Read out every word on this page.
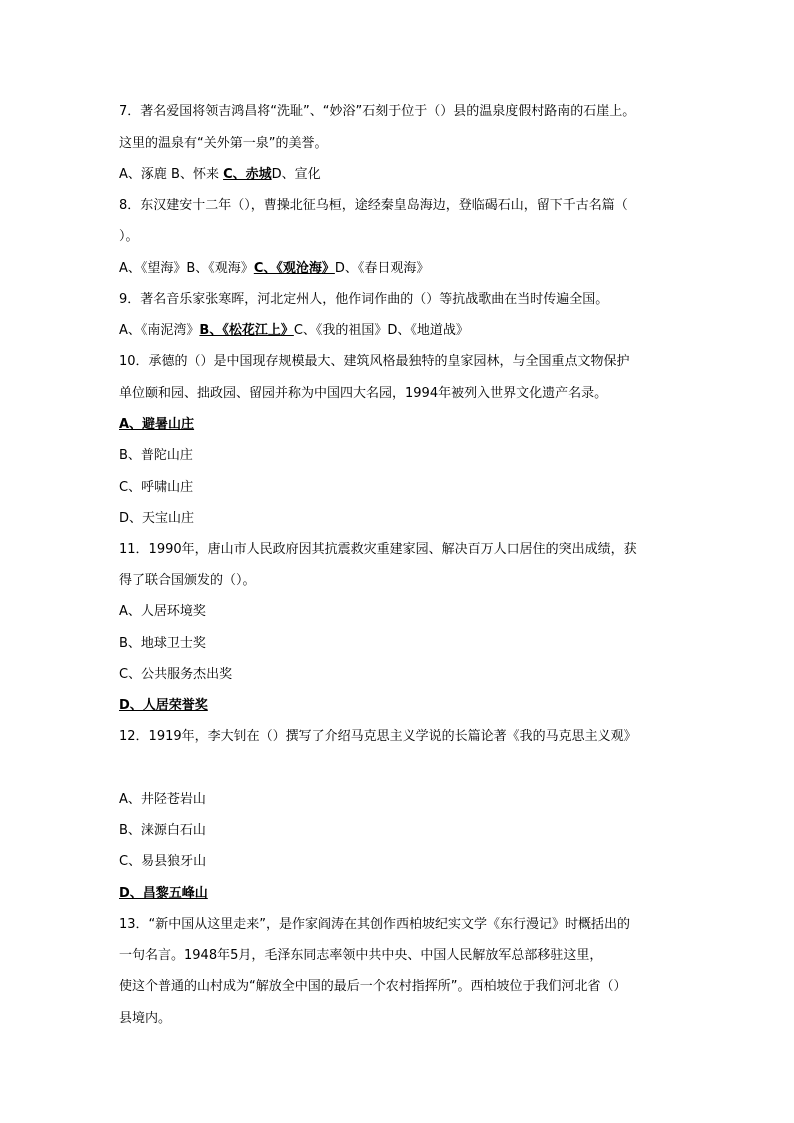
7．著名爱国将领吉鸿昌将“洗耻”、“妙浴”石刻于位于（）县的温泉度假村路南的石崖上。
这里的温泉有“关外第一泉”的美誉。
A、涿鹿 B、怀来 C、赤城D、宣化
8．东汉建安十二年（），曹操北征乌桓，途经秦皇岛海边，登临碣石山，留下千古名篇（
）。
A、《望海》B、《观海》C、《观沧海》D、《春日观海》
9．著名音乐家张寒晖，河北定州人，他作词作曲的（）等抗战歌曲在当时传遍全国。
A、《南泥湾》B、《松花江上》C、《我的祖国》D、《地道战》
10．承德的（）是中国现存规模最大、建筑风格最独特的皇家园林，与全国重点文物保护
单位颐和园、拙政园、留园并称为中国四大名园，1994年被列入世界文化遗产名录。
A、避暑山庄
B、普陀山庄
C、呼啸山庄
D、天宝山庄
11．1990年，唐山市人民政府因其抗震救灾重建家园、解决百万人口居住的突出成绩，获
得了联合国颁发的（）。
A、人居环境奖
B、地球卫士奖
C、公共服务杰出奖
D、人居荣誉奖
12．1919年，李大钊在（）撰写了介绍马克思主义学说的长篇论著《我的马克思主义观》
A、井陉苍岩山
B、涞源白石山
C、易县狼牙山
D、昌黎五峰山
13．“新中国从这里走来”，是作家阎涛在其创作西柏坡纪实文学《东行漫记》时概括出的
一句名言。1948年5月，毛泽东同志率领中共中央、中国人民解放军总部移驻这里，
使这个普通的山村成为“解放全中国的最后一个农村指挥所”。西柏坡位于我们河北省（）
县境内。
